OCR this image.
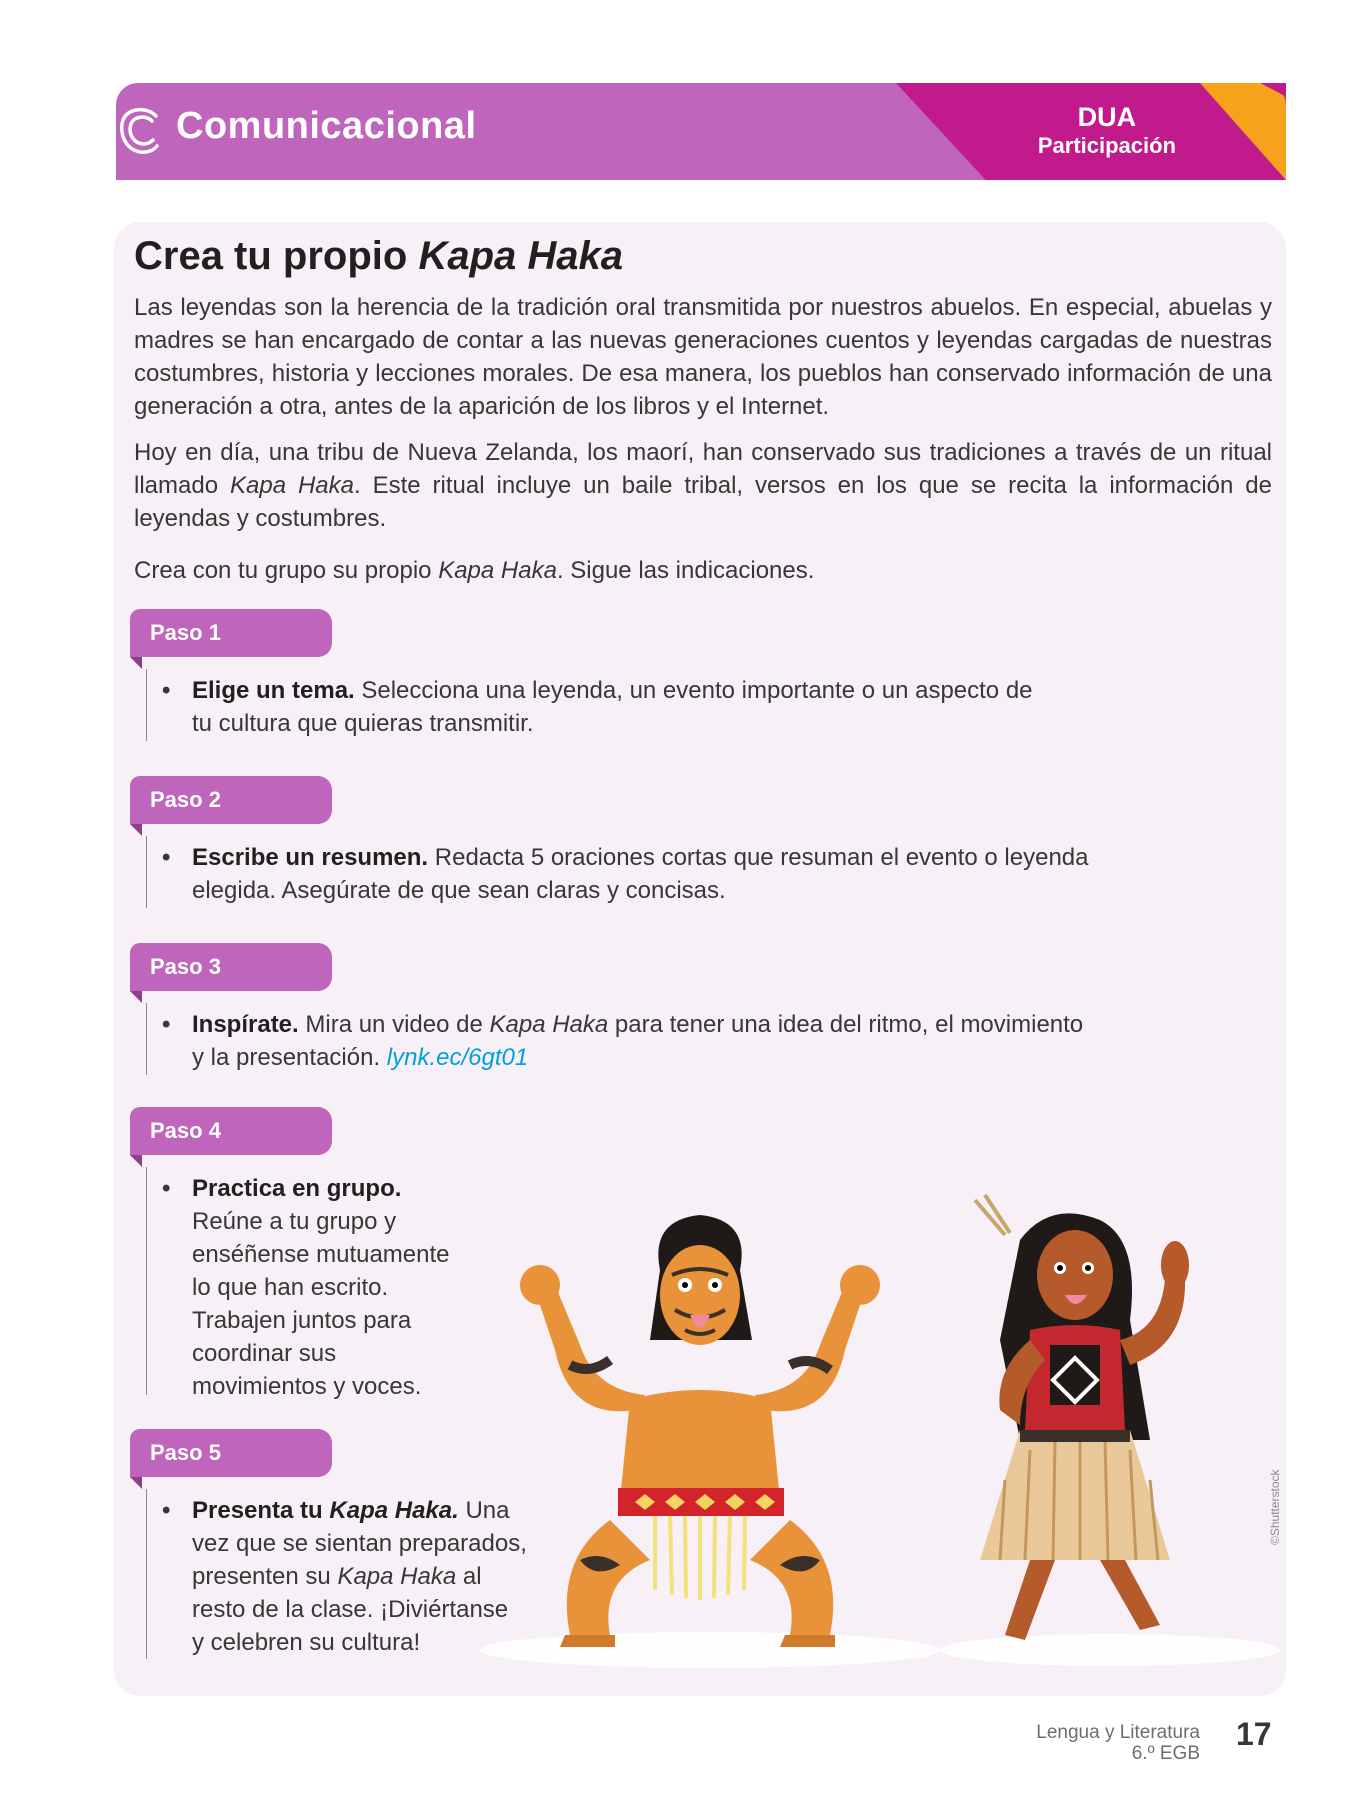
Comunicacional	DUA
Participación
Crea tu propio Kapa Haka
Las leyendas son la herencia de la tradición oral transmitida por nuestros abuelos. En especial, abuelas y madres se han encargado de contar a las nuevas generaciones cuentos y leyendas cargadas de nuestras costumbres, historia y lecciones morales. De esa manera, los pueblos han conservado información de una generación a otra, antes de la aparición de los libros y el Internet.
Hoy en día, una tribu de Nueva Zelanda, los maorí, han conservado sus tradiciones a través de un ritual llamado Kapa Haka. Este ritual incluye un baile tribal, versos en los que se recita la información de leyendas y costumbres.
Crea con tu grupo su propio Kapa Haka. Sigue las indicaciones.
Paso 1
• Elige un tema. Selecciona una leyenda, un evento importante o un aspecto de
tu cultura que quieras transmitir.
Paso 2
• Escribe un resumen. Redacta 5 oraciones cortas que resuman el evento o leyenda
elegida. Asegúrate de que sean claras y concisas.
Paso 3
• Inspírate. Mira un video de Kapa Haka para tener una idea del ritmo, el movimiento
y la presentación. lynk.ec/6gt01
Paso 4
• Practica en grupo.
Reúne a tu grupo y
enséñense mutuamente
lo que han escrito.
Trabajen juntos para
coordinar sus
movimientos y voces.
Paso 5
• Presenta tu Kapa Haka. Una
vez que se sientan preparados,
presenten su Kapa Haka al
resto de la clase. ¡Diviértanse
y celebren su cultura!
©Shutterstock
Lengua y Literatura
6.º EGB
17
